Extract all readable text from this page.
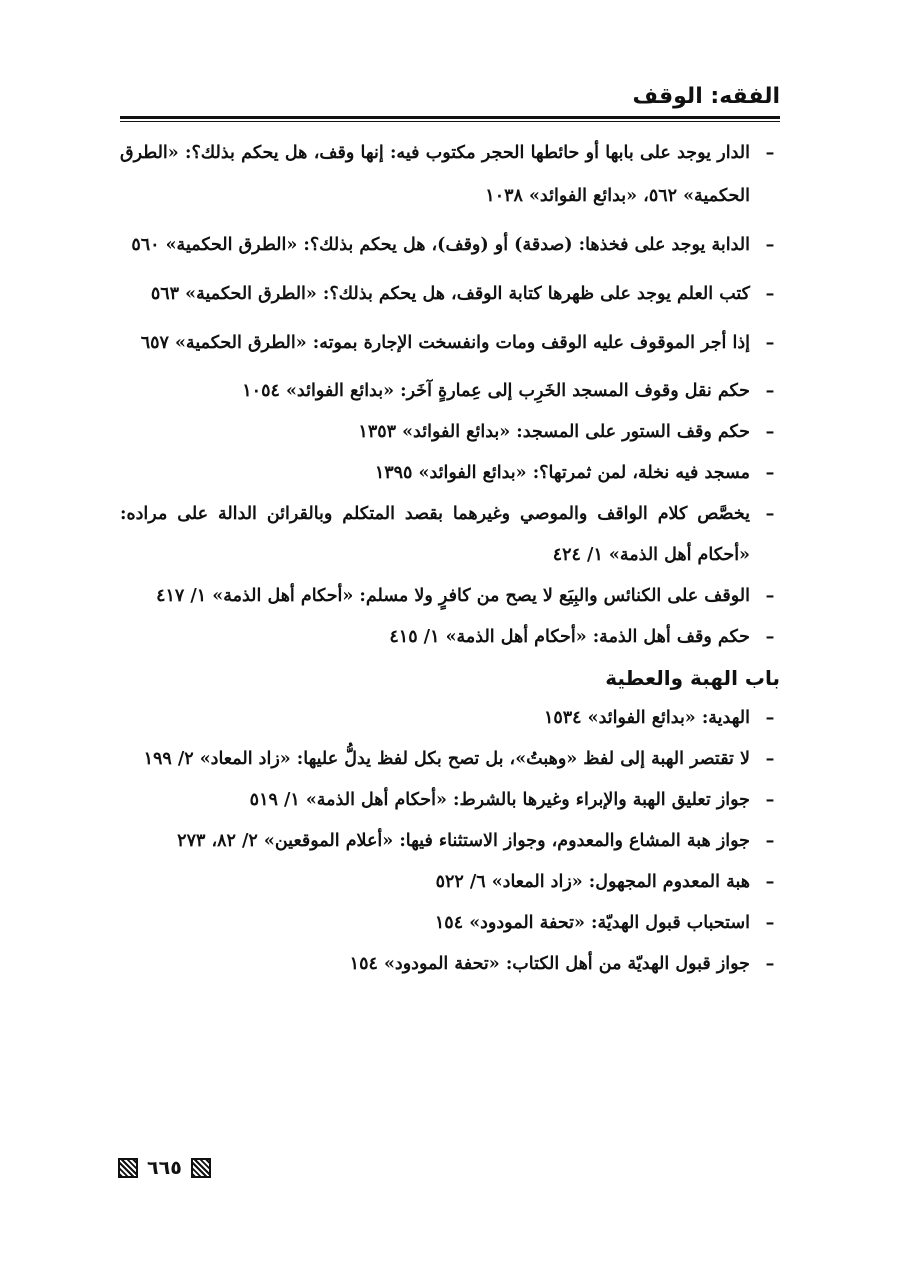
الفقه: الوقف
–
الدار يوجد على بابها أو حائطها الحجر مكتوب فيه: إنها وقف، هل يحكم بذلك؟: «الطرق الحكمية» ٥٦٢، «بدائع الفوائد» ١٠٣٨
–
الدابة يوجد على فخذها: (صدقة) أو (وقف)، هل يحكم بذلك؟: «الطرق الحكمية» ٥٦٠
–
كتب العلم يوجد على ظهرها كتابة الوقف، هل يحكم بذلك؟: «الطرق الحكمية» ٥٦٣
–
إذا أجر الموقوف عليه الوقف ومات وانفسخت الإجارة بموته: «الطرق الحكمية» ٦٥٧
–
حكم نقل وقوف المسجد الخَرِب إلى عِمارةٍ آخَر: «بدائع الفوائد» ١٠٥٤
–
حكم وقف الستور على المسجد: «بدائع الفوائد» ١٣٥٣
–
مسجد فيه نخلة، لمن ثمرتها؟: «بدائع الفوائد» ١٣٩٥
–
يخصَّص كلام الواقف والموصي وغيرهما بقصد المتكلم وبالقرائن الدالة على مراده: «أحكام أهل الذمة» ١/ ٤٢٤
–
الوقف على الكنائس والبِيَع لا يصح من كافرٍ ولا مسلم: «أحكام أهل الذمة» ١/ ٤١٧
–
حكم وقف أهل الذمة: «أحكام أهل الذمة» ١/ ٤١٥
باب الهبة والعطية
–
الهدية: «بدائع الفوائد» ١٥٣٤
–
لا تقتصر الهبة إلى لفظ «وهبتُ»، بل تصح بكل لفظ يدلُّ عليها: «زاد المعاد» ٢/ ١٩٩
–
جواز تعليق الهبة والإبراء وغيرها بالشرط: «أحكام أهل الذمة» ١/ ٥١٩
–
جواز هبة المشاع والمعدوم، وجواز الاستثناء فيها: «أعلام الموقعين» ٢/ ٨٢، ٢٧٣
–
هبة المعدوم المجهول: «زاد المعاد» ٦/ ٥٢٢
–
استحباب قبول الهديّة: «تحفة المودود» ١٥٤
–
جواز قبول الهديّة من أهل الكتاب: «تحفة المودود» ١٥٤
٦٦٥
